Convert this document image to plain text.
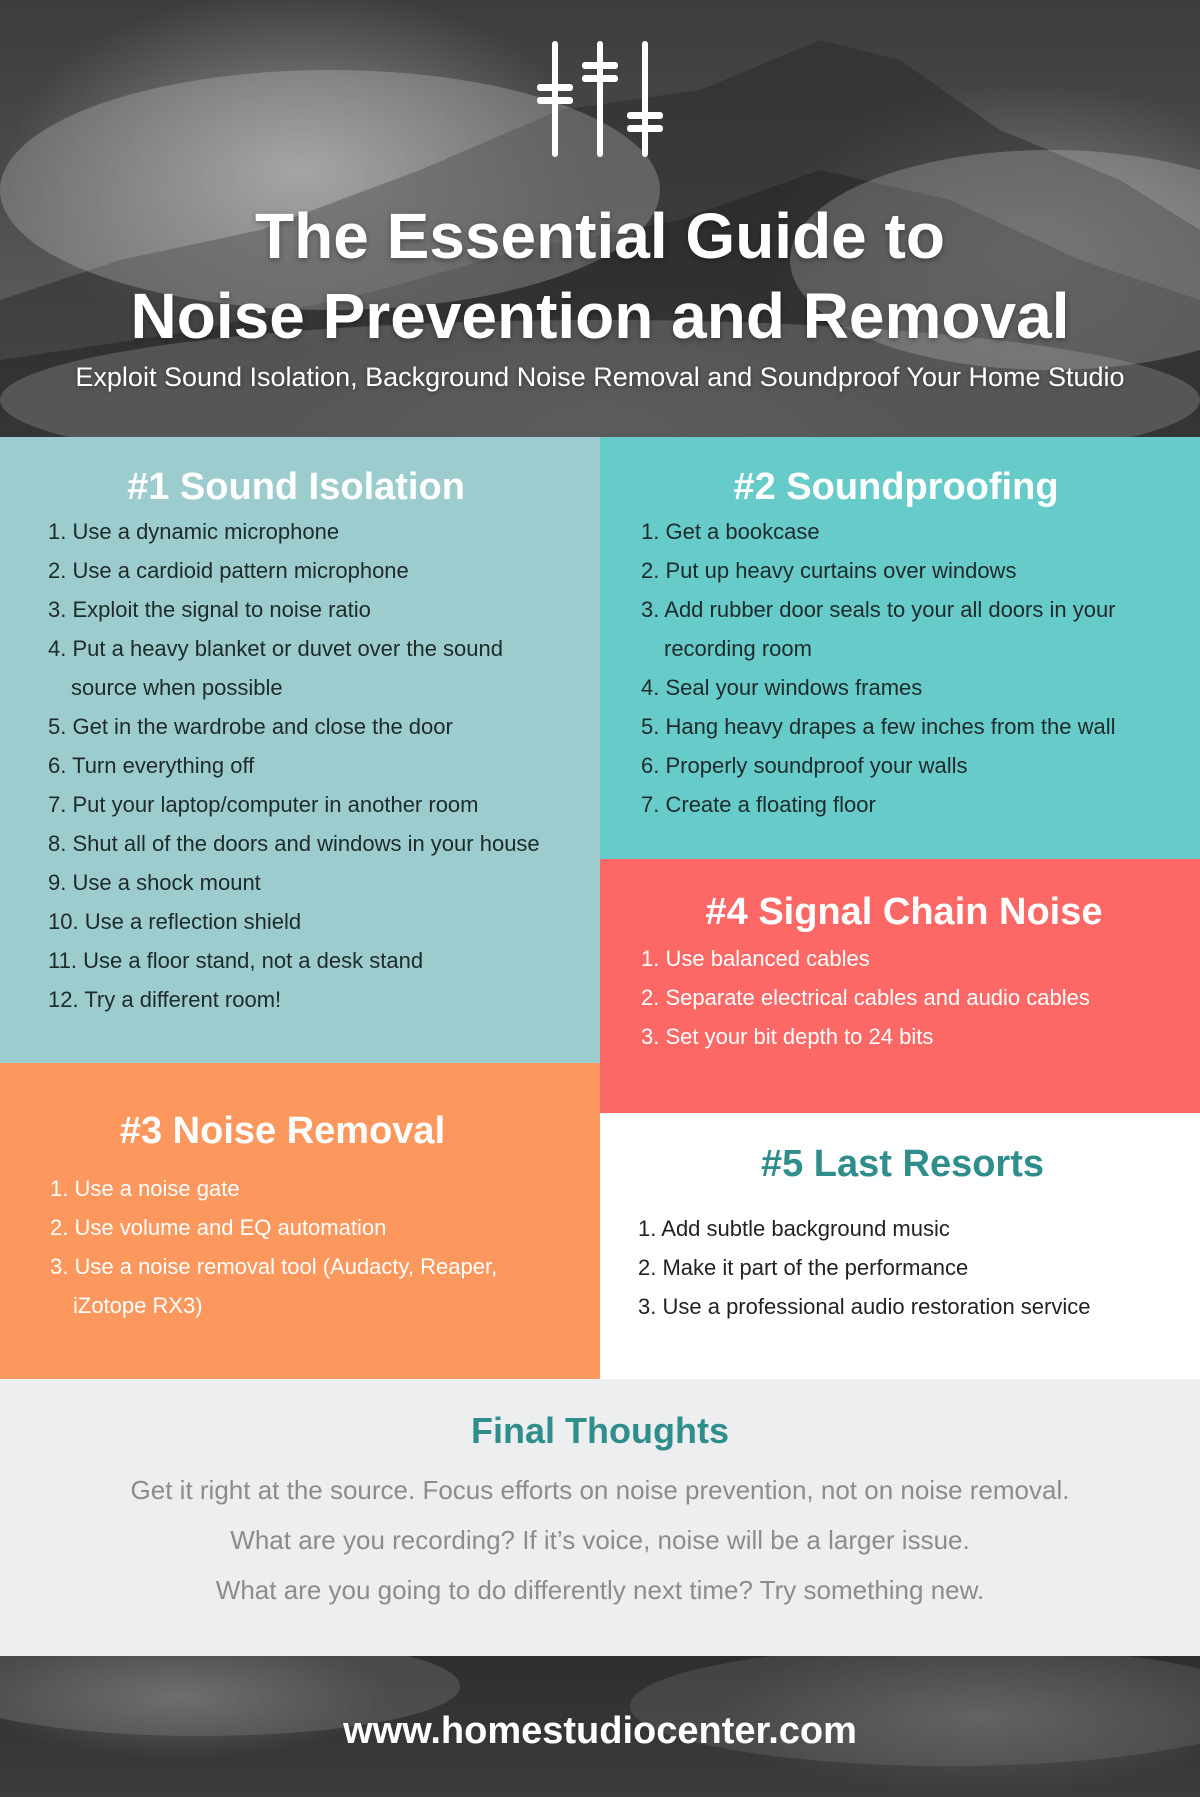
The Essential Guide to
Noise Prevention and Removal
Exploit Sound Isolation, Background Noise Removal and Soundproof Your Home Studio
#1 Sound Isolation
1. Use a dynamic microphone
2. Use a cardioid pattern microphone
3. Exploit the signal to noise ratio
4. Put a heavy blanket or duvet over the sound
source when possible
5. Get in the wardrobe and close the door
6. Turn everything off
7. Put your laptop/computer in another room
8. Shut all of the doors and windows in your house
9. Use a shock mount
10. Use a reflection shield
11. Use a floor stand, not a desk stand
12. Try a different room!
#2 Soundproofing
1. Get a bookcase
2. Put up heavy curtains over windows
3. Add rubber door seals to your all doors in your
recording room
4. Seal your windows frames
5. Hang heavy drapes a few inches from the wall
6. Properly soundproof your walls
7. Create a floating floor
#4 Signal Chain Noise
1. Use balanced cables
2. Separate electrical cables and audio cables
3. Set your bit depth to 24 bits
#3 Noise Removal
1. Use a noise gate
2. Use volume and EQ automation
3. Use a noise removal tool (Audacty, Reaper,
iZotope RX3)
#5 Last Resorts
1. Add subtle background music
2. Make it part of the performance
3. Use a professional audio restoration service
Final Thoughts

Get it right at the source. Focus efforts on noise prevention, not on noise removal.

What are you recording? If it’s voice, noise will be a larger issue.

What are you going to do differently next time? Try something new.

www.homestudiocenter.com
